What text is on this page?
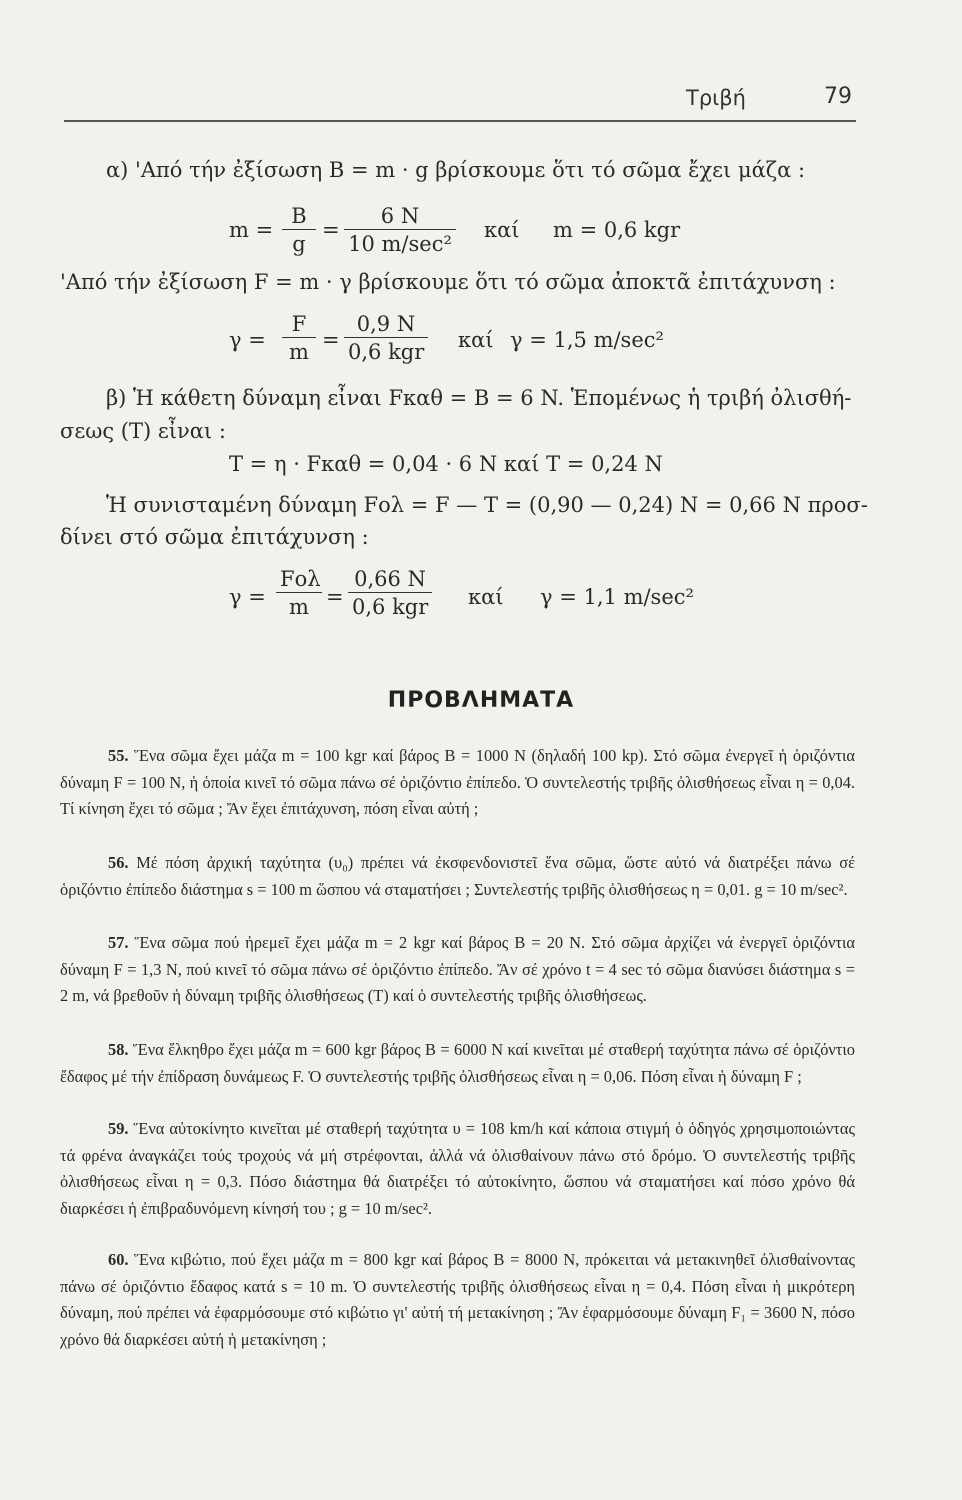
Τριβή	79
α) 'Από τήν ἐξίσωση B = m · g βρίσκουμε ὅτι τό σῶμα ἔχει μάζα :
m =
B
g
=
6 N
10 m/sec²
καί m = 0,6 kgr
'Από τήν ἐξίσωση F = m · γ βρίσκουμε ὅτι τό σῶμα ἀποκτᾶ ἐπιτάχυνση :
γ =
F
m =
0,9 N
0,6 kgr καί γ = 1,5 m/sec²
β) Ἡ κάθετη δύναμη εἶναι Fκαθ = B = 6 N. Ἑπομένως ἡ τριβή ὀλισθή-
σεως (Τ) εἶναι :
T = η · Fκαθ = 0,04 · 6 N καί T = 0,24 N
Ἡ συνισταμένη δύναμη Fολ = F — T = (0,90 — 0,24) N = 0,66 N προσ-
δίνει στό σῶμα ἐπιτάχυνση :
γ =
Fολ
m =
0,66 N
0,6 kgr καί γ = 1,1 m/sec²
ΠΡΟΒΛΗΜΑΤΑ
55. Ἕνα σῶμα ἔχει μάζα m = 100 kgr καί βάρος B = 1000 N (δηλαδή 100 kp). Στό σῶμα ἐνεργεῖ ἡ ὁριζόντια δύναμη F = 100 N, ἡ ὁποία κινεῖ τό σῶμα πάνω σέ ὁριζόντιο ἐπίπεδο. Ὁ συντελεστής τριβῆς ὀλισθήσεως εἶναι η = 0,04. Τί κίνηση ἔχει τό σῶμα ; Ἄν ἔχει ἐπιτάχυνση, πόση εἶναι αὐτή ;
56. Μέ πόση ἀρχική ταχύτητα (υ₀) πρέπει νά ἐκσφενδονιστεῖ ἕνα σῶμα, ὥστε αὐτό νά διατρέξει πάνω σέ ὁριζόντιο ἐπίπεδο διάστημα s = 100 m ὥσπου νά σταματήσει ; Συντελεστής τριβῆς ὀλισθήσεως η = 0,01. g = 10 m/sec².
57. Ἕνα σῶμα πού ἠρεμεῖ ἔχει μάζα m = 2 kgr καί βάρος B = 20 N. Στό σῶμα ἀρχίζει νά ἐνεργεῖ ὁριζόντια δύναμη F = 1,3 N, πού κινεῖ τό σῶμα πάνω σέ ὁριζόντιο ἐπίπεδο. Ἄν σέ χρόνο t = 4 sec τό σῶμα διανύσει διάστημα s = 2 m, νά βρεθοῦν ἡ δύναμη τριβῆς ὀλισθήσεως (T) καί ὁ συντελεστής τριβῆς ὀλισθήσεως.
58. Ἕνα ἕλκηθρο ἔχει μάζα m = 600 kgr βάρος B = 6000 N καί κινεῖται μέ σταθερή ταχύτητα πάνω σέ ὁριζόντιο ἔδαφος μέ τήν ἐπίδραση δυνάμεως F. Ὁ συντελεστής τριβῆς ὀλισθήσεως εἶναι η = 0,06. Πόση εἶναι ἡ δύναμη F ;
59. Ἕνα αὐτοκίνητο κινεῖται μέ σταθερή ταχύτητα υ = 108 km/h καί κάποια στιγμή ὁ ὁδηγός χρησιμοποιώντας τά φρένα ἀναγκάζει τούς τροχούς νά μή στρέφονται, ἀλλά νά ὀλισθαίνουν πάνω στό δρόμο. Ὁ συντελεστής τριβῆς ὀλισθήσεως εἶναι η = 0,3. Πόσο διάστημα θά διατρέξει τό αὐτοκίνητο, ὥσπου νά σταματήσει καί πόσο χρόνο θά διαρκέσει ἡ ἐπιβραδυνόμενη κίνησή του ; g = 10 m/sec².
60. Ἕνα κιβώτιο, πού ἔχει μάζα m = 800 kgr καί βάρος B = 8000 N, πρόκειται νά μετακινηθεῖ ὀλισθαίνοντας πάνω σέ ὁριζόντιο ἔδαφος κατά s = 10 m. Ὁ συντελεστής τριβῆς ὀλισθήσεως εἶναι η = 0,4. Πόση εἶναι ἡ μικρότερη δύναμη, πού πρέπει νά ἐφαρμόσουμε στό κιβώτιο γι' αὐτή τή μετακίνηση ; Ἄν ἐφαρμόσουμε δύναμη F₁ = 3600 N, πόσο χρόνο θά διαρκέσει αὐτή ἡ μετακίνηση ;
